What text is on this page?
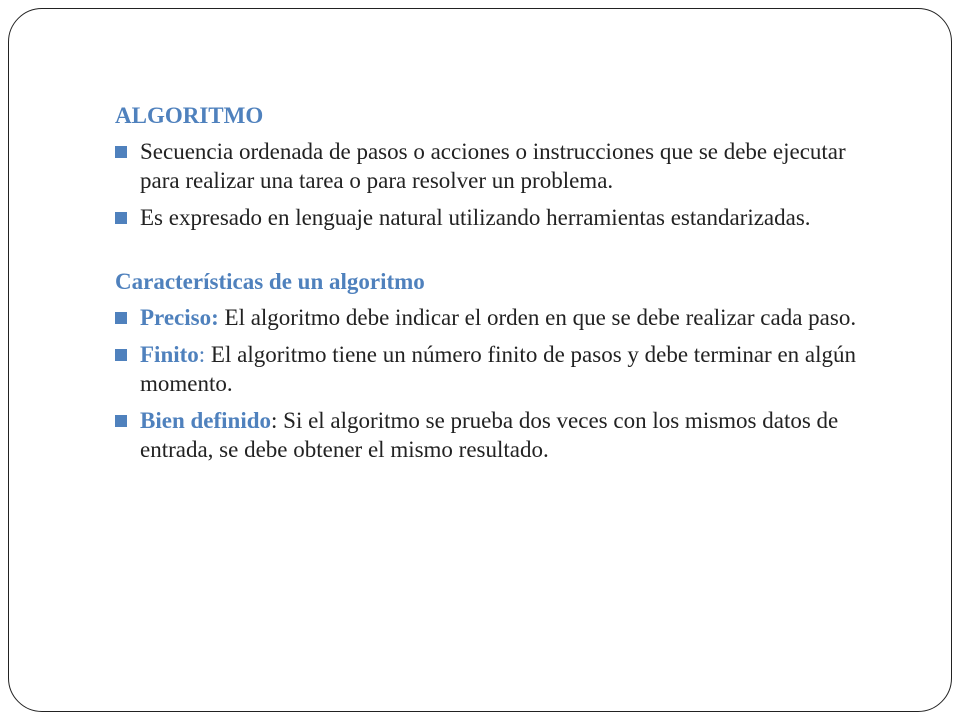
ALGORITMO
Secuencia ordenada de pasos o acciones o instrucciones que se debe ejecutar para realizar una tarea o para resolver un problema.
Es expresado en lenguaje natural utilizando herramientas estandarizadas.
Características de un algoritmo
Preciso: El algoritmo debe indicar el orden en que se debe realizar cada paso.
Finito: El algoritmo tiene un número finito de pasos y debe terminar en algún momento.
Bien definido: Si el algoritmo se prueba dos veces con los mismos datos de entrada, se debe obtener el mismo resultado.
